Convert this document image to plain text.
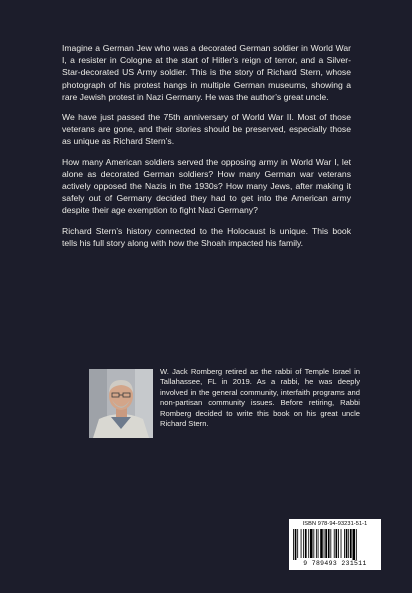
Imagine a German Jew who was a decorated German soldier in World War I, a resister in Cologne at the start of Hitler’s reign of terror, and a Silver-Star-decorated US Army soldier. This is the story of Richard Stern, whose photograph of his protest hangs in multiple German museums, showing a rare Jewish protest in Nazi Germany. He was the author’s great uncle.

We have just passed the 75th anniversary of World War II. Most of those veterans are gone, and their stories should be preserved, especially those as unique as Richard Stern’s.

How many American soldiers served the opposing army in World War I, let alone as decorated German soldiers? How many German war veterans actively opposed the Nazis in the 1930s? How many Jews, after making it safely out of Germany decided they had to get into the American army despite their age exemption to fight Nazi Germany?

Richard Stern’s history connected to the Holocaust is unique. This book tells his full story along with how the Shoah impacted his family.

W. Jack Romberg retired as the rabbi of Temple Israel in Tallahassee, FL in 2019. As a rabbi, he was deeply involved in the general community, interfaith programs and non-partisan community issues. Before retiring, Rabbi Romberg decided to write this book on his great uncle Richard Stern.
ISBN 978-94-93231-51-1
9 789493 231511
